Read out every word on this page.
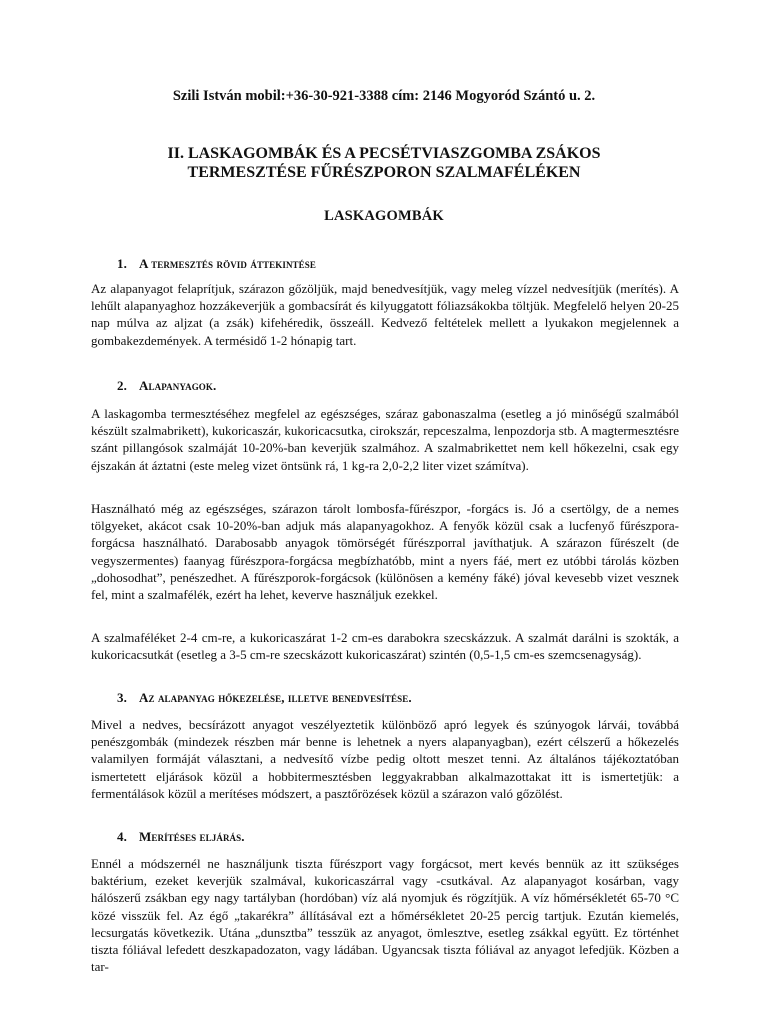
Szili István mobil:+36-30-921-3388 cím: 2146 Mogyoród Szántó u. 2.

II. LASKAGOMBÁK ÉS A PECSÉTVIASZGOMBA ZSÁKOS
TERMESZTÉSE FŰRÉSZPORON SZALMAFÉLÉKEN
LASKAGOMBÁK
1. A termesztés rövid áttekintése

Az alapanyagot felaprítjuk, szárazon gőzöljük, majd benedvesítjük, vagy meleg vízzel nedvesítjük (merítés). A lehűlt alapanyaghoz hozzákeverjük a gombacsírát és kilyuggatott fóliazsákokba töltjük. Megfelelő helyen 20-25 nap múlva az aljzat (a zsák) kifehéredik, összeáll. Kedvező feltételek mellett a lyukakon megjelennek a gombakezdemények. A termésidő 1-2 hónapig tart.

2. Alapanyagok.

A laskagomba termesztéséhez megfelel az egészséges, száraz gabonaszalma (esetleg a jó minőségű szalmából készült szalmabrikett), kukoricaszár, kukoricacsutka, cirokszár, repceszalma, lenpozdorja stb. A magtermesztésre szánt pillangósok szalmáját 10-20%-ban keverjük szalmához. A szalmabrikettet nem kell hőkezelni, csak egy éjszakán át áztatni (este meleg vizet öntsünk rá, 1 kg-ra 2,0-2,2 liter vizet számítva).

Használható még az egészséges, szárazon tárolt lombosfa-fűrészpor, -forgács is. Jó a csertölgy, de a nemes tölgyeket, akácot csak 10-20%-ban adjuk más alapanyagokhoz. A fenyők közül csak a lucfenyő fűrészpora-forgácsa használható. Darabosabb anyagok tömörségét fűrészporral javíthatjuk. A szárazon fűrészelt (de vegyszermentes) faanyag fűrészpora-forgácsa megbízhatóbb, mint a nyers fáé, mert ez utóbbi tárolás közben „dohosodhat”, penészedhet. A fűrészporok-forgácsok (különösen a kemény fáké) jóval kevesebb vizet vesznek fel, mint a szalmafélék, ezért ha lehet, keverve használjuk ezekkel.

A szalmaféléket 2-4 cm-re, a kukoricaszárat 1-2 cm-es darabokra szecskázzuk. A szalmát darálni is szokták, a kukoricacsutkát (esetleg a 3-5 cm-re szecskázott kukoricaszárat) szintén (0,5-1,5 cm-es szemcsenagyság).

3. Az alapanyag hőkezelése, illetve benedvesítése.

Mivel a nedves, becsírázott anyagot veszélyeztetik különböző apró legyek és szúnyogok lárvái, továbbá penészgombák (mindezek részben már benne is lehetnek a nyers alapanyagban), ezért célszerű a hőkezelés valamilyen formáját választani, a nedvesítő vízbe pedig oltott meszet tenni. Az általános tájékoztatóban ismertetett eljárások közül a hobbitermesztésben leggyakrabban alkalmazottakat itt is ismertetjük: a fermentálások közül a merítéses módszert, a pasztőrözések közül a szárazon való gőzölést.

4. Merítéses eljárás.

Ennél a módszernél ne használjunk tiszta fűrészport vagy forgácsot, mert kevés bennük az itt szükséges baktérium, ezeket keverjük szalmával, kukoricaszárral vagy -csutkával. Az alapanyagot kosárban, vagy hálószerű zsákban egy nagy tartályban (hordóban) víz alá nyomjuk és rögzítjük. A víz hőmérsékletét 65-70 °C közé visszük fel. Az égő „takarékra” állításával ezt a hőmérsékletet 20-25 percig tartjuk. Ezután kiemelés, lecsurgatás következik. Utána „dunsztba” tesszük az anyagot, ömlesztve, esetleg zsákkal együtt. Ez történhet tiszta fóliával lefedett deszkapadozaton, vagy ládában. Ugyancsak tiszta fóliával az anyagot lefedjük. Közben a tar-
